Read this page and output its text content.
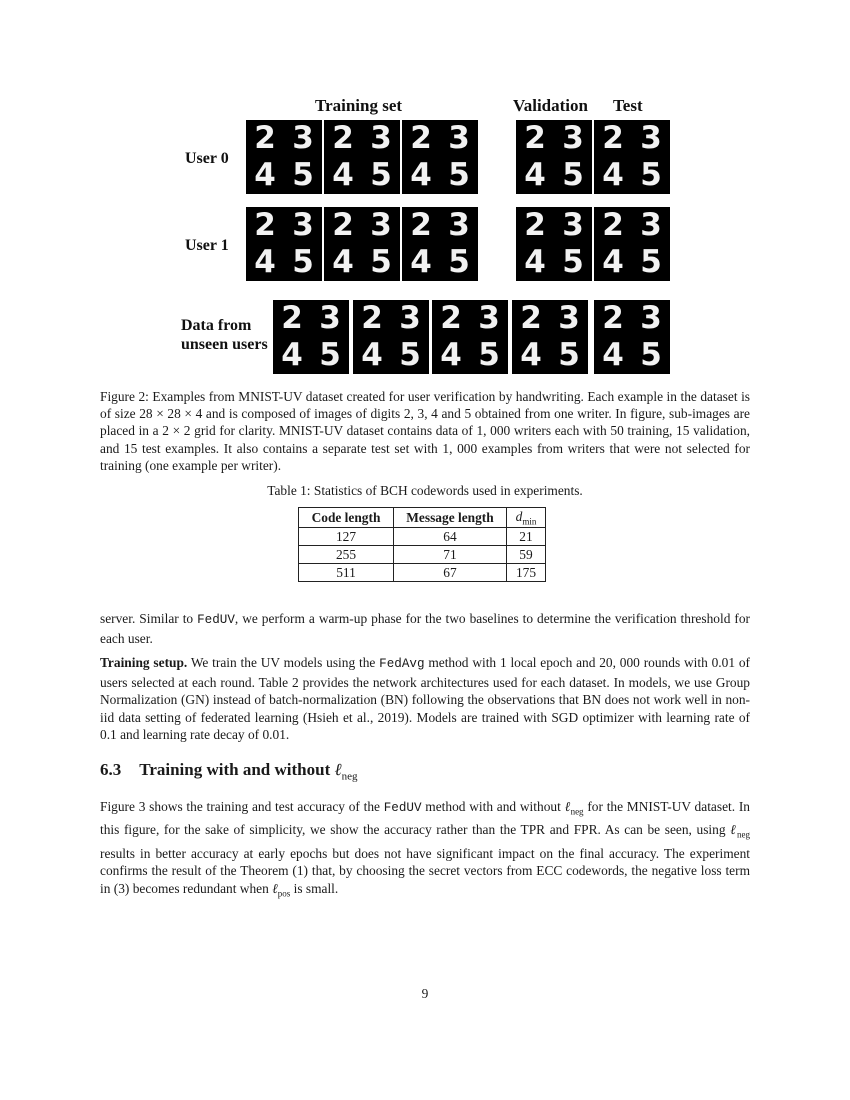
Training set	Validation Test
User 0
User 1
Data from
unseen users
2 3
4 5
2 3
4 5
2 3
4 5
2 3
4 5
2 3
4 5
2 3
4 5
2 3
4 5
2 3
4 5
2 3
4 5
2 3
4 5
2 3
4 5
2 3
4 5
2 3
4 5
2 3
4 5
2 3
4 5
Figure 2: Examples from MNIST-UV dataset created for user verification by handwriting. Each example in the dataset is of size 28 × 28 × 4 and is composed of images of digits 2, 3, 4 and 5 obtained from one writer. In figure, sub-images are placed in a 2 × 2 grid for clarity. MNIST-UV dataset contains data of 1, 000 writers each with 50 training, 15 validation, and 15 test examples. It also contains a separate test set with 1, 000 examples from writers that were not selected for training (one example per writer).
Table 1: Statistics of BCH codewords used in experiments.
Code length	Message length	$d_{min}$
127	64	21
255	71	59
511	67	175
server. Similar to FedUV, we perform a warm-up phase for the two baselines to determine the verification threshold for each user.
Training setup. We train the UV models using the FedAvg method with 1 local epoch and 20, 000 rounds with 0.01 of users selected at each round. Table 2 provides the network architectures used for each dataset. In models, we use Group Normalization (GN) instead of batch-normalization (BN) following the observations that BN does not work well in non-iid data setting of federated learning (Hsieh et al., 2019). Models are trained with SGD optimizer with learning rate of 0.1 and learning rate decay of 0.01.
6.3 Training with and without ℓ$_{neg}$
Figure 3 shows the training and test accuracy of the FedUV method with and without ℓ$_{neg}$ for the MNIST-UV dataset. In this figure, for the sake of simplicity, we show the accuracy rather than the TPR and FPR. As can be seen, using ℓ$_{neg}$ results in better accuracy at early epochs but does not have significant impact on the final accuracy. The experiment confirms the result of the Theorem (1) that, by choosing the secret vectors from ECC codewords, the negative loss term in (3) becomes redundant when ℓ$_{pos}$ is small.
9
